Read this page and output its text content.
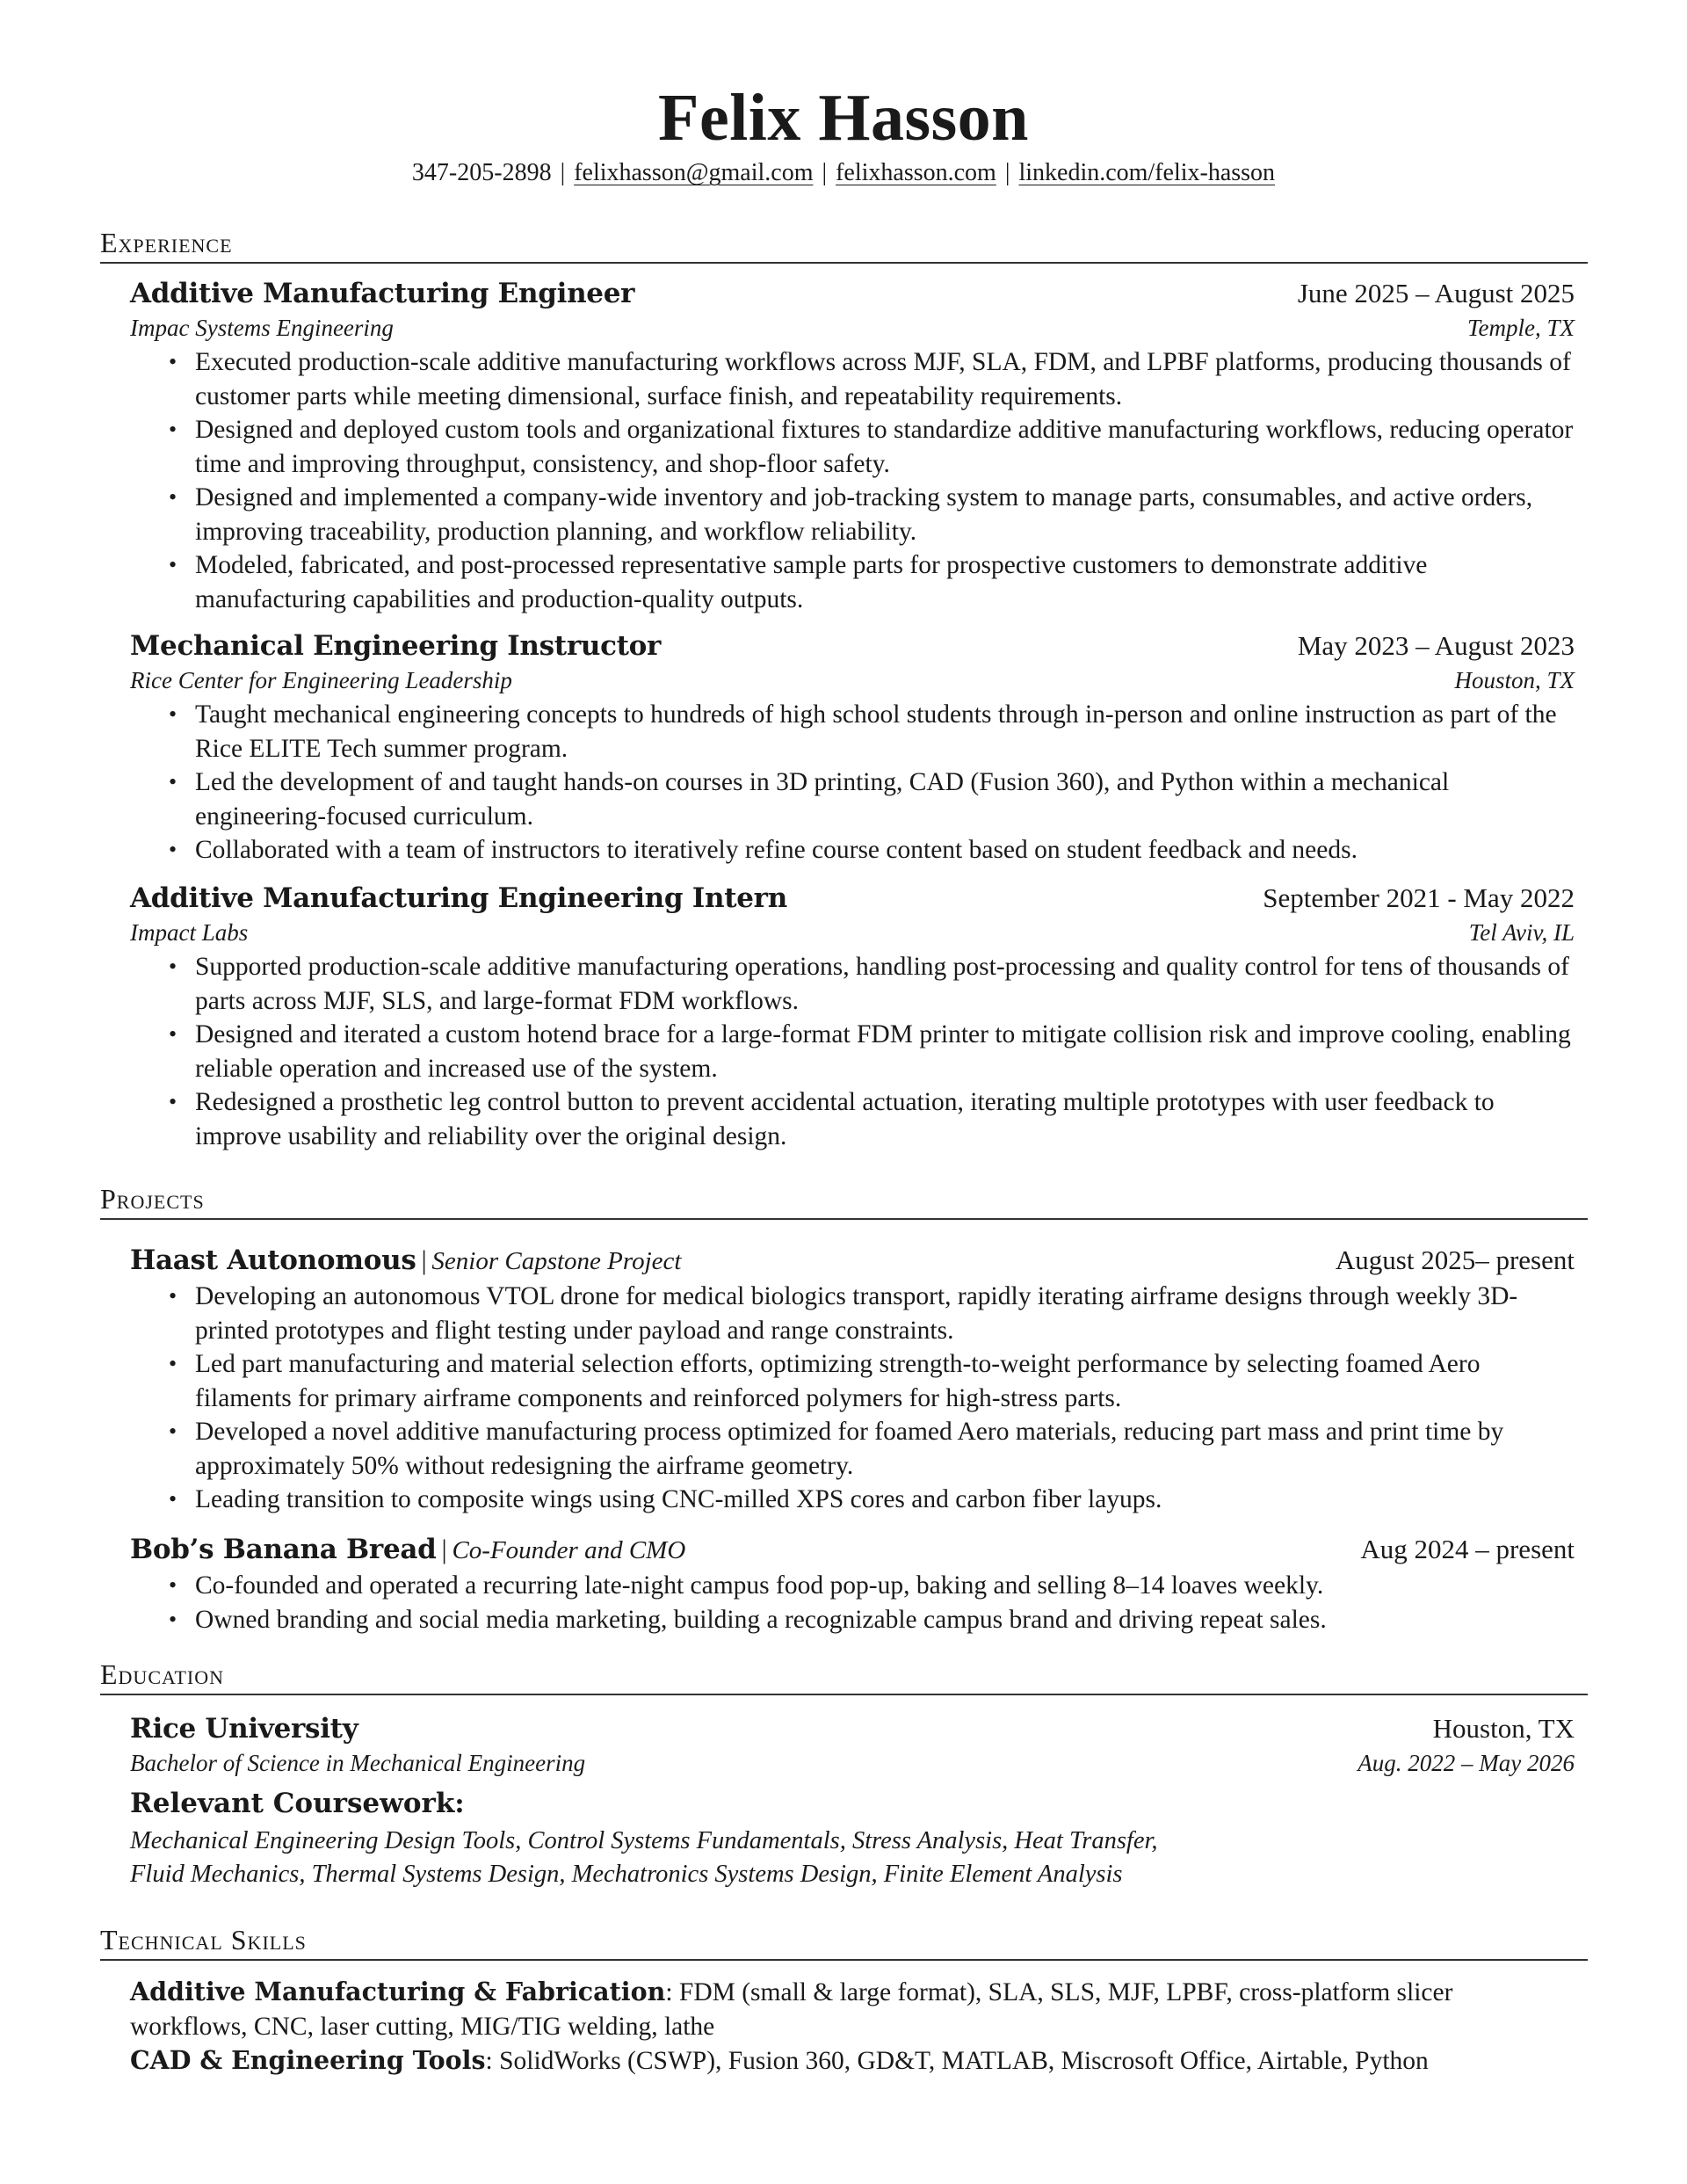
Felix Hasson
347-205-2898 | felixhasson@gmail.com | felixhasson.com | linkedin.com/felix-hasson
Experience
Additive Manufacturing Engineer	June 2025 – August 2025
Impac Systems Engineering	Temple, TX
• Executed production-scale additive manufacturing workflows across MJF, SLA, FDM, and LPBF platforms, producing thousands of customer parts while meeting dimensional, surface finish, and repeatability requirements.
• Designed and deployed custom tools and organizational fixtures to standardize additive manufacturing workflows, reducing operator time and improving throughput, consistency, and shop-floor safety.
• Designed and implemented a company-wide inventory and job-tracking system to manage parts, consumables, and active orders, improving traceability, production planning, and workflow reliability.
• Modeled, fabricated, and post-processed representative sample parts for prospective customers to demonstrate additive manufacturing capabilities and production-quality outputs.
Mechanical Engineering Instructor	May 2023 – August 2023
Rice Center for Engineering Leadership	Houston, TX
• Taught mechanical engineering concepts to hundreds of high school students through in-person and online instruction as part of the Rice ELITE Tech summer program.
• Led the development of and taught hands-on courses in 3D printing, CAD (Fusion 360), and Python within a mechanical engineering-focused curriculum.
• Collaborated with a team of instructors to iteratively refine course content based on student feedback and needs.
Additive Manufacturing Engineering Intern	September 2021 - May 2022
Impact Labs	Tel Aviv, IL
• Supported production-scale additive manufacturing operations, handling post-processing and quality control for tens of thousands of parts across MJF, SLS, and large-format FDM workflows.
• Designed and iterated a custom hotend brace for a large-format FDM printer to mitigate collision risk and improve cooling, enabling reliable operation and increased use of the system.
• Redesigned a prosthetic leg control button to prevent accidental actuation, iterating multiple prototypes with user feedback to improve usability and reliability over the original design.
Projects
Haast Autonomous | Senior Capstone Project	August 2025– present
• Developing an autonomous VTOL drone for medical biologics transport, rapidly iterating airframe designs through weekly 3D-printed prototypes and flight testing under payload and range constraints.
• Led part manufacturing and material selection efforts, optimizing strength-to-weight performance by selecting foamed Aero filaments for primary airframe components and reinforced polymers for high-stress parts.
• Developed a novel additive manufacturing process optimized for foamed Aero materials, reducing part mass and print time by approximately 50% without redesigning the airframe geometry.
• Leading transition to composite wings using CNC-milled XPS cores and carbon fiber layups.
Bob’s Banana Bread | Co-Founder and CMO	Aug 2024 – present
• Co-founded and operated a recurring late-night campus food pop-up, baking and selling 8–14 loaves weekly.
• Owned branding and social media marketing, building a recognizable campus brand and driving repeat sales.
Education
Rice University	Houston, TX
Bachelor of Science in Mechanical Engineering	Aug. 2022 – May 2026
Relevant Coursework:
Mechanical Engineering Design Tools, Control Systems Fundamentals, Stress Analysis, Heat Transfer,
Fluid Mechanics, Thermal Systems Design, Mechatronics Systems Design, Finite Element Analysis
Technical Skills
Additive Manufacturing & Fabrication: FDM (small & large format), SLA, SLS, MJF, LPBF, cross-platform slicer workflows, CNC, laser cutting, MIG/TIG welding, lathe
CAD & Engineering Tools: SolidWorks (CSWP), Fusion 360, GD&T, MATLAB, Miscrosoft Office, Airtable, Python
